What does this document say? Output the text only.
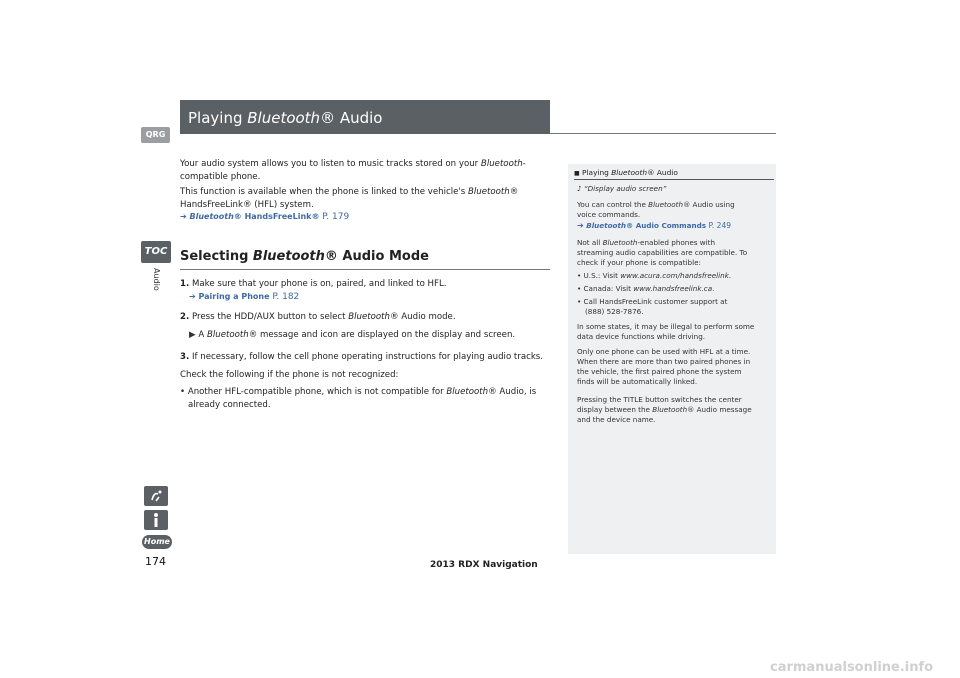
QRG
TOC
Audio
Home
174
Playing Bluetooth® Audio
Your audio system allows you to listen to music tracks stored on your Bluetooth-
compatible phone.
This function is available when the phone is linked to the vehicle's Bluetooth®
HandsFreeLink® (HFL) system.
➔ Bluetooth® HandsFreeLink® P. 179
Selecting Bluetooth® Audio Mode
1. Make sure that your phone is on, paired, and linked to HFL.
➔ Pairing a Phone P. 182
2. Press the HDD/AUX button to select Bluetooth® Audio mode.
▶ A Bluetooth® message and icon are displayed on the display and screen.
3. If necessary, follow the cell phone operating instructions for playing audio tracks.
Check the following if the phone is not recognized:
• Another HFL-compatible phone, which is not compatible for Bluetooth® Audio, is
already connected.
■ Playing Bluetooth® Audio
♪ “Display audio screen”
You can control the Bluetooth® Audio using
voice commands.
➔ Bluetooth® Audio Commands P. 249
Not all Bluetooth-enabled phones with
streaming audio capabilities are compatible. To
check if your phone is compatible:
• U.S.: Visit www.acura.com/handsfreelink.
• Canada: Visit www.handsfreelink.ca.
• Call HandsFreeLink customer support at
(888) 528-7876.
In some states, it may be illegal to perform some
data device functions while driving.
Only one phone can be used with HFL at a time.
When there are more than two paired phones in
the vehicle, the first paired phone the system
finds will be automatically linked.
Pressing the TITLE button switches the center
display between the Bluetooth® Audio message
and the device name.
2013 RDX Navigation
carmanualsonline.info
